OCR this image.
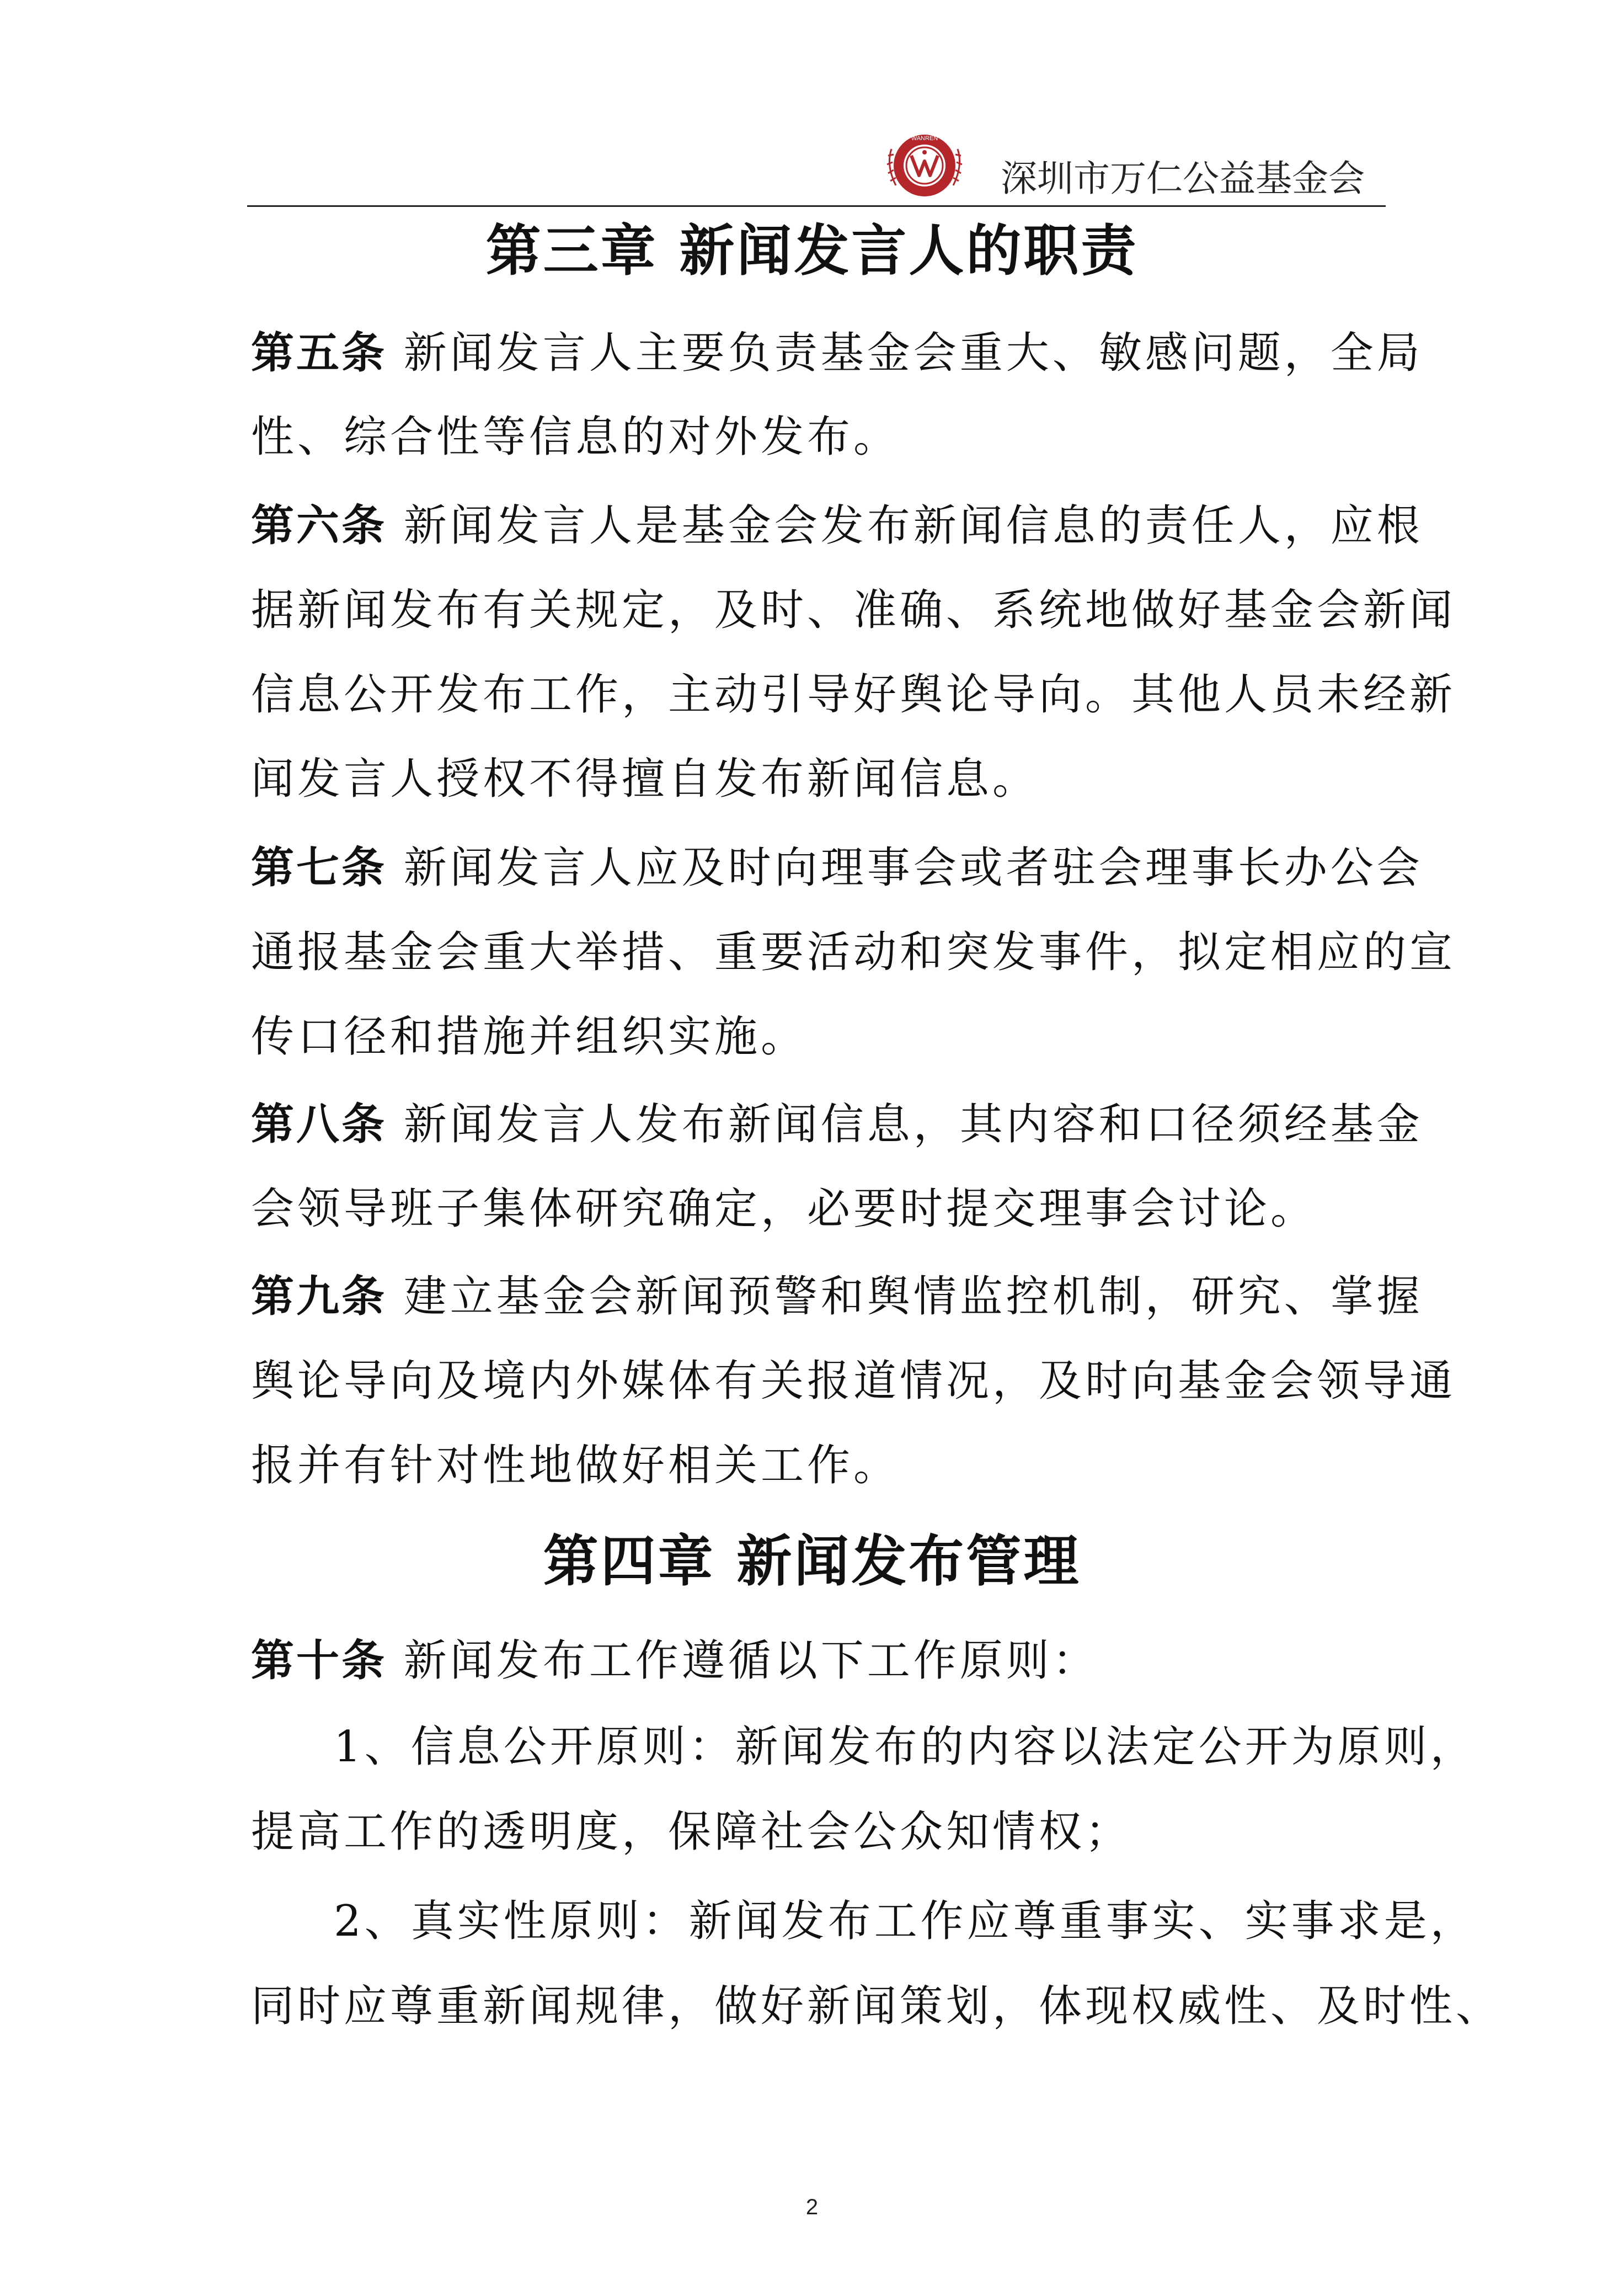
WANREN
深圳市万仁公益基金会
第三章 新闻发言人的职责
第五条 新闻发言人主要负责基金会重大、敏感问题，全局
性、综合性等信息的对外发布。
第六条 新闻发言人是基金会发布新闻信息的责任人，应根
据新闻发布有关规定，及时、准确、系统地做好基金会新闻
信息公开发布工作，主动引导好舆论导向。其他人员未经新
闻发言人授权不得擅自发布新闻信息。
第七条 新闻发言人应及时向理事会或者驻会理事长办公会
通报基金会重大举措、重要活动和突发事件，拟定相应的宣
传口径和措施并组织实施。
第八条 新闻发言人发布新闻信息，其内容和口径须经基金
会领导班子集体研究确定，必要时提交理事会讨论。
第九条 建立基金会新闻预警和舆情监控机制，研究、掌握
舆论导向及境内外媒体有关报道情况，及时向基金会领导通
报并有针对性地做好相关工作。
第四章 新闻发布管理
第十条 新闻发布工作遵循以下工作原则：
1、信息公开原则：新闻发布的内容以法定公开为原则，
提高工作的透明度，保障社会公众知情权；
2、真实性原则：新闻发布工作应尊重事实、实事求是，
同时应尊重新闻规律，做好新闻策划，体现权威性、及时性、
2
